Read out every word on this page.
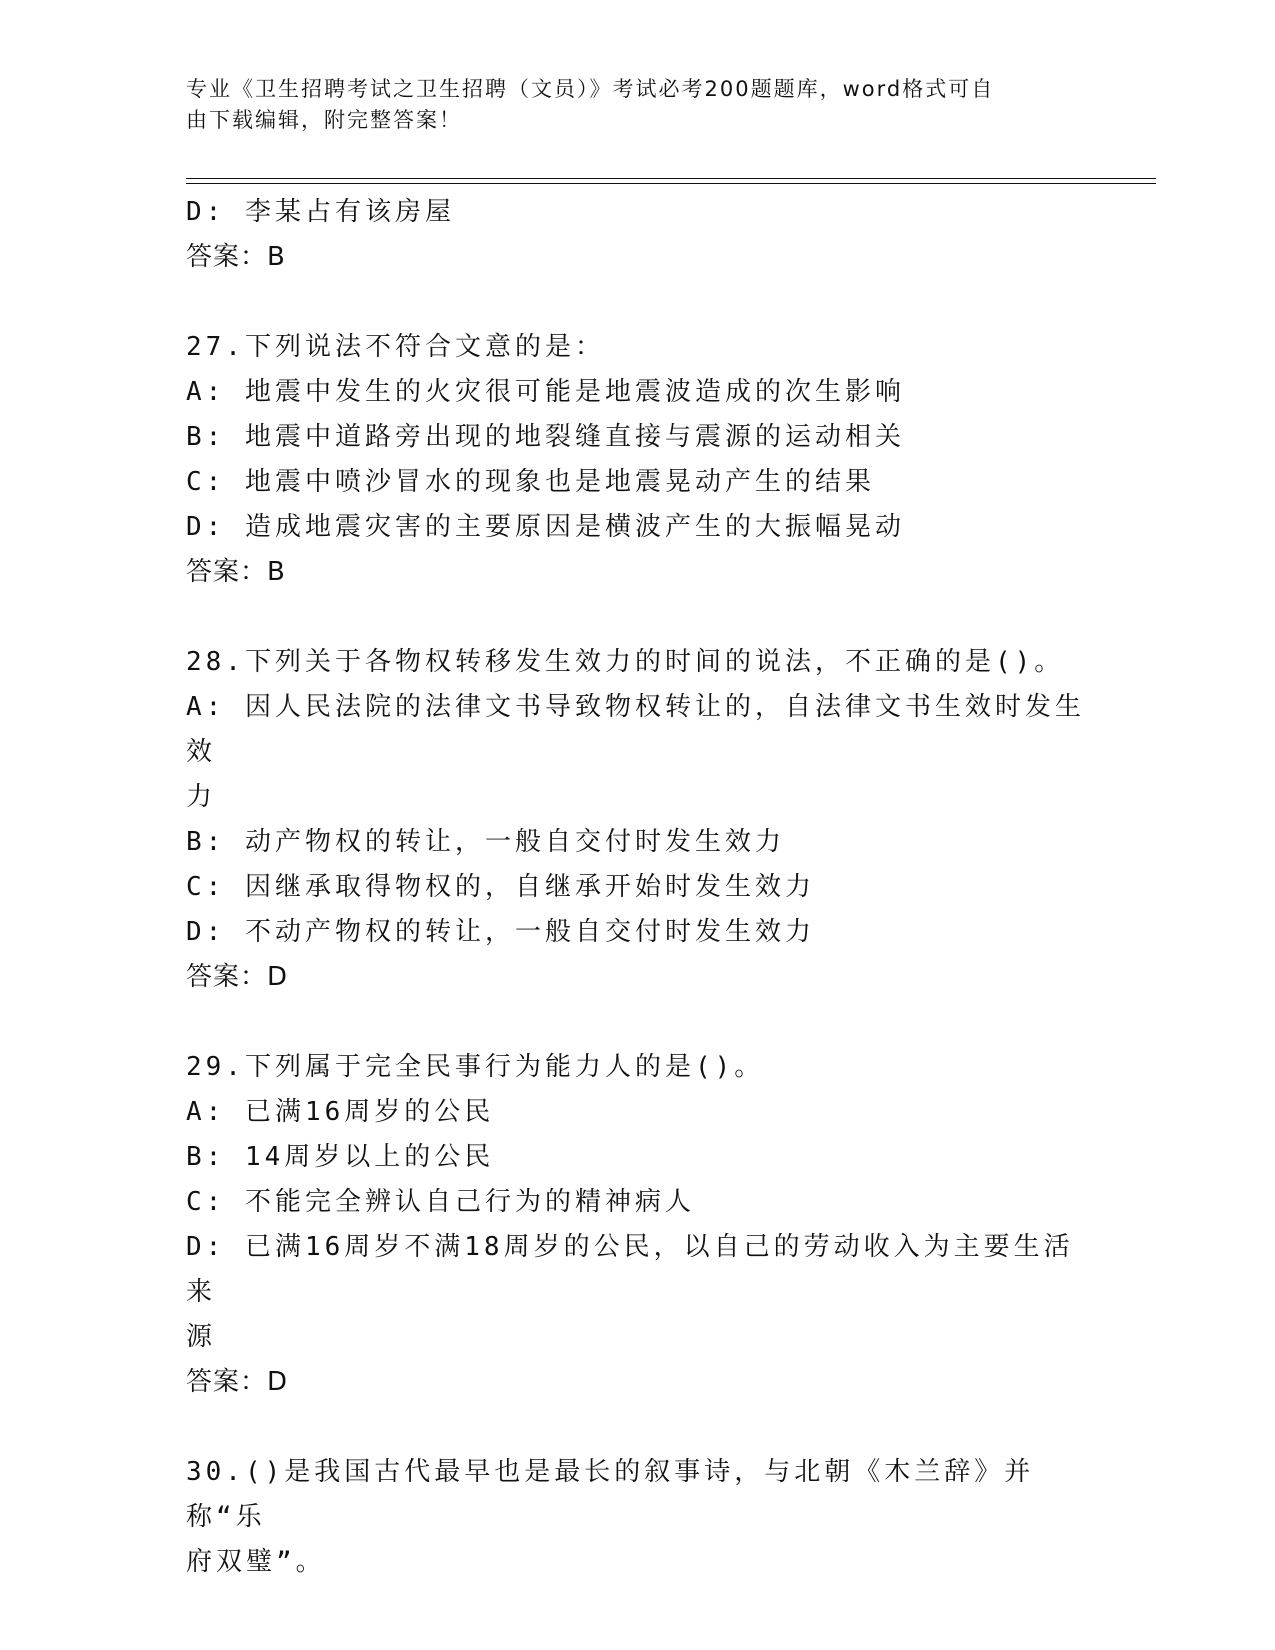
专业《卫生招聘考试之卫生招聘（文员）》考试必考200题题库，word格式可自
由下载编辑，附完整答案！
D: 李某占有该房屋
答案：B
27.下列说法不符合文意的是：
A: 地震中发生的火灾很可能是地震波造成的次生影响
B: 地震中道路旁出现的地裂缝直接与震源的运动相关
C: 地震中喷沙冒水的现象也是地震晃动产生的结果
D: 造成地震灾害的主要原因是横波产生的大振幅晃动
答案：B
28.下列关于各物权转移发生效力的时间的说法，不正确的是()。
A: 因人民法院的法律文书导致物权转让的，自法律文书生效时发生效
力
B: 动产物权的转让，一般自交付时发生效力
C: 因继承取得物权的，自继承开始时发生效力
D: 不动产物权的转让，一般自交付时发生效力
答案：D
29.下列属于完全民事行为能力人的是()。
A: 已满16周岁的公民
B: 14周岁以上的公民
C: 不能完全辨认自己行为的精神病人
D: 已满16周岁不满18周岁的公民，以自己的劳动收入为主要生活来
源
答案：D
30.()是我国古代最早也是最长的叙事诗，与北朝《木兰辞》并称“乐
府双璧”。
